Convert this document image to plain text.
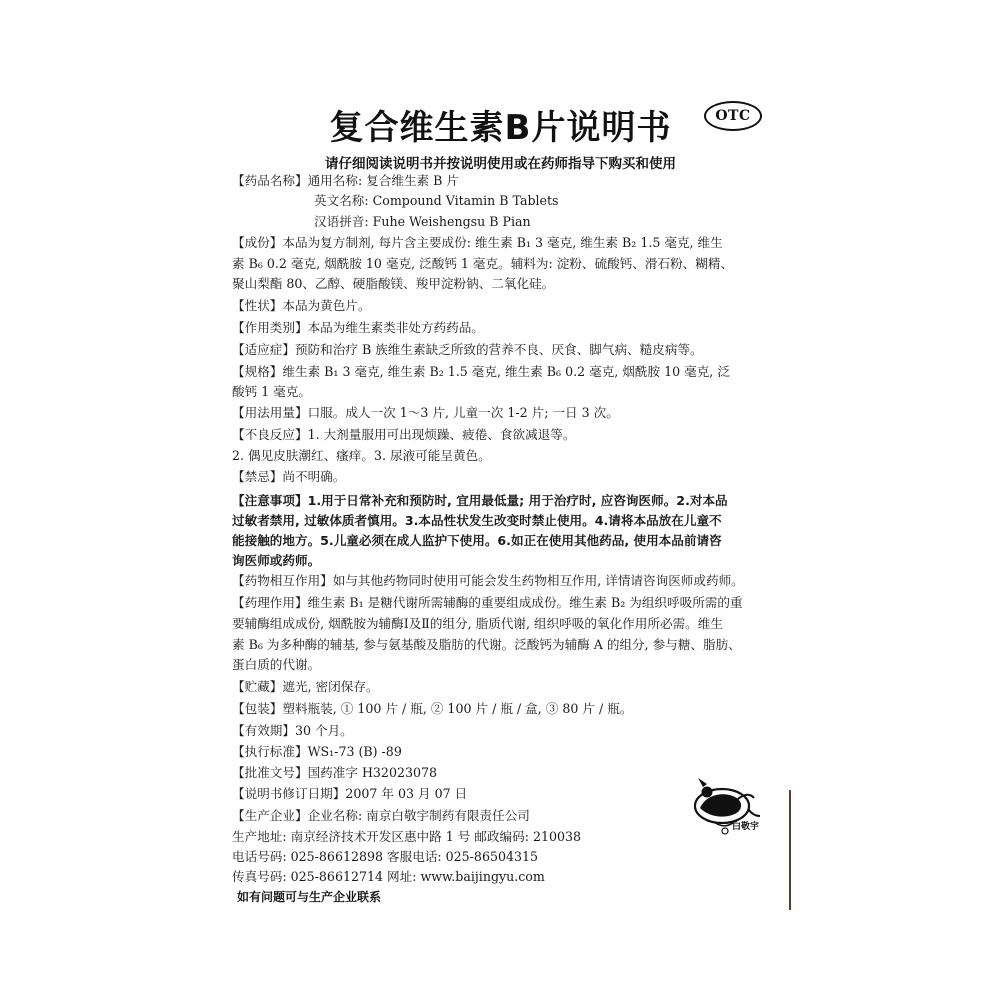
复合维生素B片说明书	OTC
请仔细阅读说明书并按说明使用或在药师指导下购买和使用
【药品名称】通用名称: 复合维生素 B 片
英文名称: Compound Vitamin B Tablets
汉语拼音: Fuhe Weishengsu B Pian
【成份】本品为复方制剂, 每片含主要成份: 维生素 B₁ 3 毫克, 维生素 B₂ 1.5 毫克, 维生
素 B₆ 0.2 毫克, 烟酰胺 10 毫克, 泛酸钙 1 毫克。辅料为: 淀粉、硫酸钙、滑石粉、糊精、
聚山梨酯 80、乙醇、硬脂酸镁、羧甲淀粉钠、二氧化硅。
【性状】本品为黄色片。
【作用类别】本品为维生素类非处方药药品。
【适应症】预防和治疗 B 族维生素缺乏所致的营养不良、厌食、脚气病、糙皮病等。
【规格】维生素 B₁ 3 毫克, 维生素 B₂ 1.5 毫克, 维生素 B₆ 0.2 毫克, 烟酰胺 10 毫克, 泛
酸钙 1 毫克。
【用法用量】口服。成人一次 1～3 片, 儿童一次 1-2 片; 一日 3 次。
【不良反应】1. 大剂量服用可出现烦躁、疲倦、食欲减退等。
2. 偶见皮肤潮红、瘙痒。3. 尿液可能呈黄色。
【禁忌】尚不明确。
【注意事项】1.用于日常补充和预防时, 宜用最低量; 用于治疗时, 应咨询医师。2.对本品
过敏者禁用, 过敏体质者慎用。3.本品性状发生改变时禁止使用。4.请将本品放在儿童不
能接触的地方。5.儿童必须在成人监护下使用。6.如正在使用其他药品, 使用本品前请咨
询医师或药师。
【药物相互作用】如与其他药物同时使用可能会发生药物相互作用, 详情请咨询医师或药师。
【药理作用】维生素 B₁ 是糖代谢所需辅酶的重要组成成份。维生素 B₂ 为组织呼吸所需的重
要辅酶组成成份, 烟酰胺为辅酶Ⅰ及Ⅱ的组分, 脂质代谢, 组织呼吸的氧化作用所必需。维生
素 B₆ 为多种酶的辅基, 参与氨基酸及脂肪的代谢。泛酸钙为辅酶 A 的组分, 参与糖、脂肪、
蛋白质的代谢。
【贮藏】遮光, 密闭保存。
【包装】塑料瓶装, ① 100 片 / 瓶, ② 100 片 / 瓶 / 盒, ③ 80 片 / 瓶。
【有效期】30 个月。
【执行标准】WS₁-73 (B) -89
【批准文号】国药准字 H32023078
【说明书修订日期】2007 年 03 月 07 日
【生产企业】企业名称: 南京白敬宇制药有限责任公司
生产地址: 南京经济技术开发区惠中路 1 号 邮政编码: 210038
电话号码: 025-86612898 客服电话: 025-86504315
传真号码: 025-86612714 网址: www.baijingyu.com
如有问题可与生产企业联系
白敬宇
